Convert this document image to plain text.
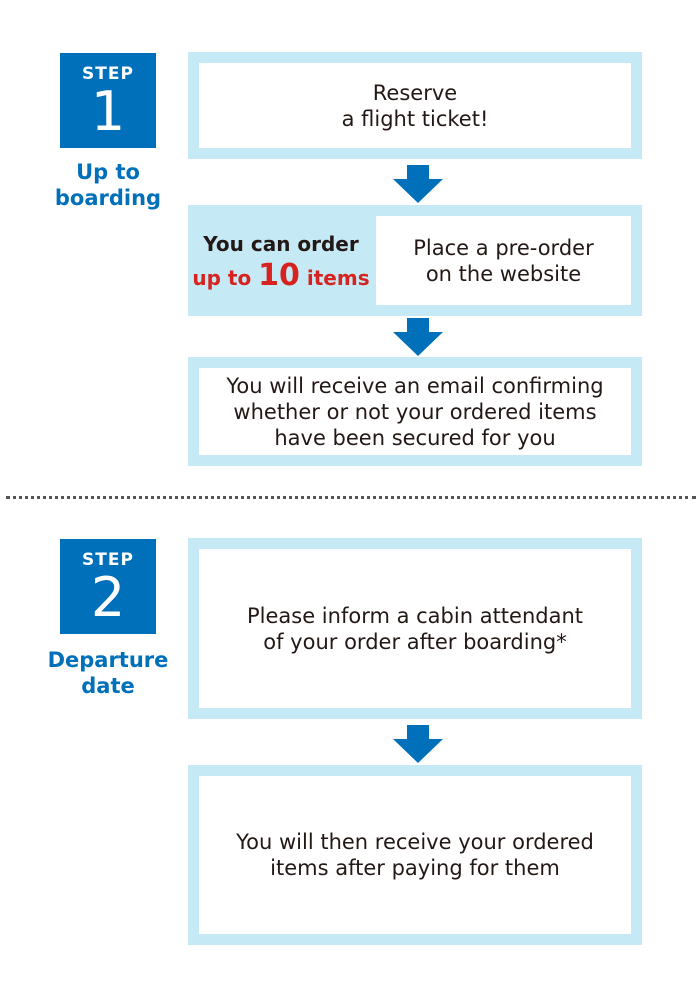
STEP
1
Up to
boarding
Reserve
a flight ticket!
You can order
up to 10 items
Place a pre-order
on the website
You will receive an email confirming
whether or not your ordered items
have been secured for you
STEP
2
Departure
date
Please inform a cabin attendant
of your order after boarding*
You will then receive your ordered
items after paying for them
